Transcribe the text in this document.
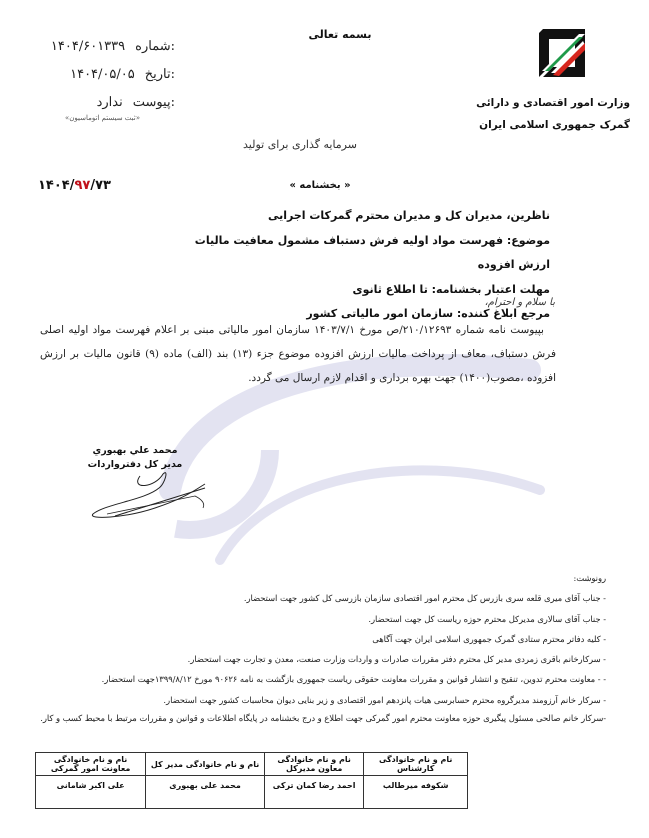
بسمه تعالی
شماره:
۱۴۰۴/۶۰۱۳۳۹
تاریخ:
۱۴۰۴/۰۵/۰۵
پیوست:
ندارد
«ثبت سیستم اتوماسیون»
وزارت امور اقتصادی و دارائی
گمرک جمهوری اسلامی ایران
سرمایه گذاری برای تولید
۱۴۰۴/۹۷/۷۳	« بخشنامه »
ناظرین، مدیران کل و مدیران محترم گمرکات اجرایی
موضوع: فهرست مواد اولیه فرش دستباف مشمول معافیت مالیات ارزش افزوده
مهلت اعتبار بخشنامه: تا اطلاع ثانوی
مرجع ابلاغ کننده: سازمان امور مالیاتی کشور
با سلام و احترام،
بپیوست نامه شماره ۲۱۰/۱۲۶۹۳/ص مورخ ۱۴۰۳/۷/۱ سازمان امور مالیاتی مبنی بر اعلام فهرست مواد اولیه اصلی فرش دستباف، معاف از پرداخت مالیات ارزش افزوده موضوع جزء (۱۳) بند (الف) ماده (۹) قانون مالیات بر ارزش افزوده ،مصوب(۱۴۰۰) جهت بهره برداری و اقدام لازم ارسال می گردد.
محمد علي بهبوري
مدیر کل دفترواردات
رونوشت:
- جناب آقای میری قلعه سری بازرس کل محترم امور اقتصادی سازمان بازرسی کل کشور جهت استحضار.
- جناب آقای سالاری مدیرکل محترم حوزه ریاست کل جهت استحضار.
- کلیه دفاتر محترم ستادی گمرک جمهوری اسلامی ایران جهت آگاهی
- سرکارخانم باقری زمردی مدیر کل محترم دفتر مقررات صادرات و واردات وزارت صنعت، معدن و تجارت جهت استحضار.
- - معاونت محترم تدوین، تنقیح و انتشار قوانین و مقررات معاونت حقوقی ریاست جمهوری بازگشت به نامه ۹۰۶۲۶ مورخ ۱۳۹۹/۸/۱۲جهت استحضار.
- سرکار خانم آرزومند مدیرگروه محترم حسابرسی هیات پانزدهم امور اقتصادی و زیر بنایی دیوان محاسبات کشور جهت استحضار.
-سرکار خانم صالحی مسئول پیگیری حوزه معاونت محترم امور گمرکی جهت اطلاع و درج بخشنامه در پایگاه اطلاعات و قوانین و مقررات مرتبط با محیط کسب و کار.
نام و نام خانوادگی کارشناس	نام و نام خانوادگی معاون مدیرکل	نام و نام خانوادگی مدیر کل	نام و نام خانوادگی معاونت امور گمرکی
شکوفه میرطالب	احمد رضا کمان ترکی	محمد علی بهبوری	علی اکبر شامانی
